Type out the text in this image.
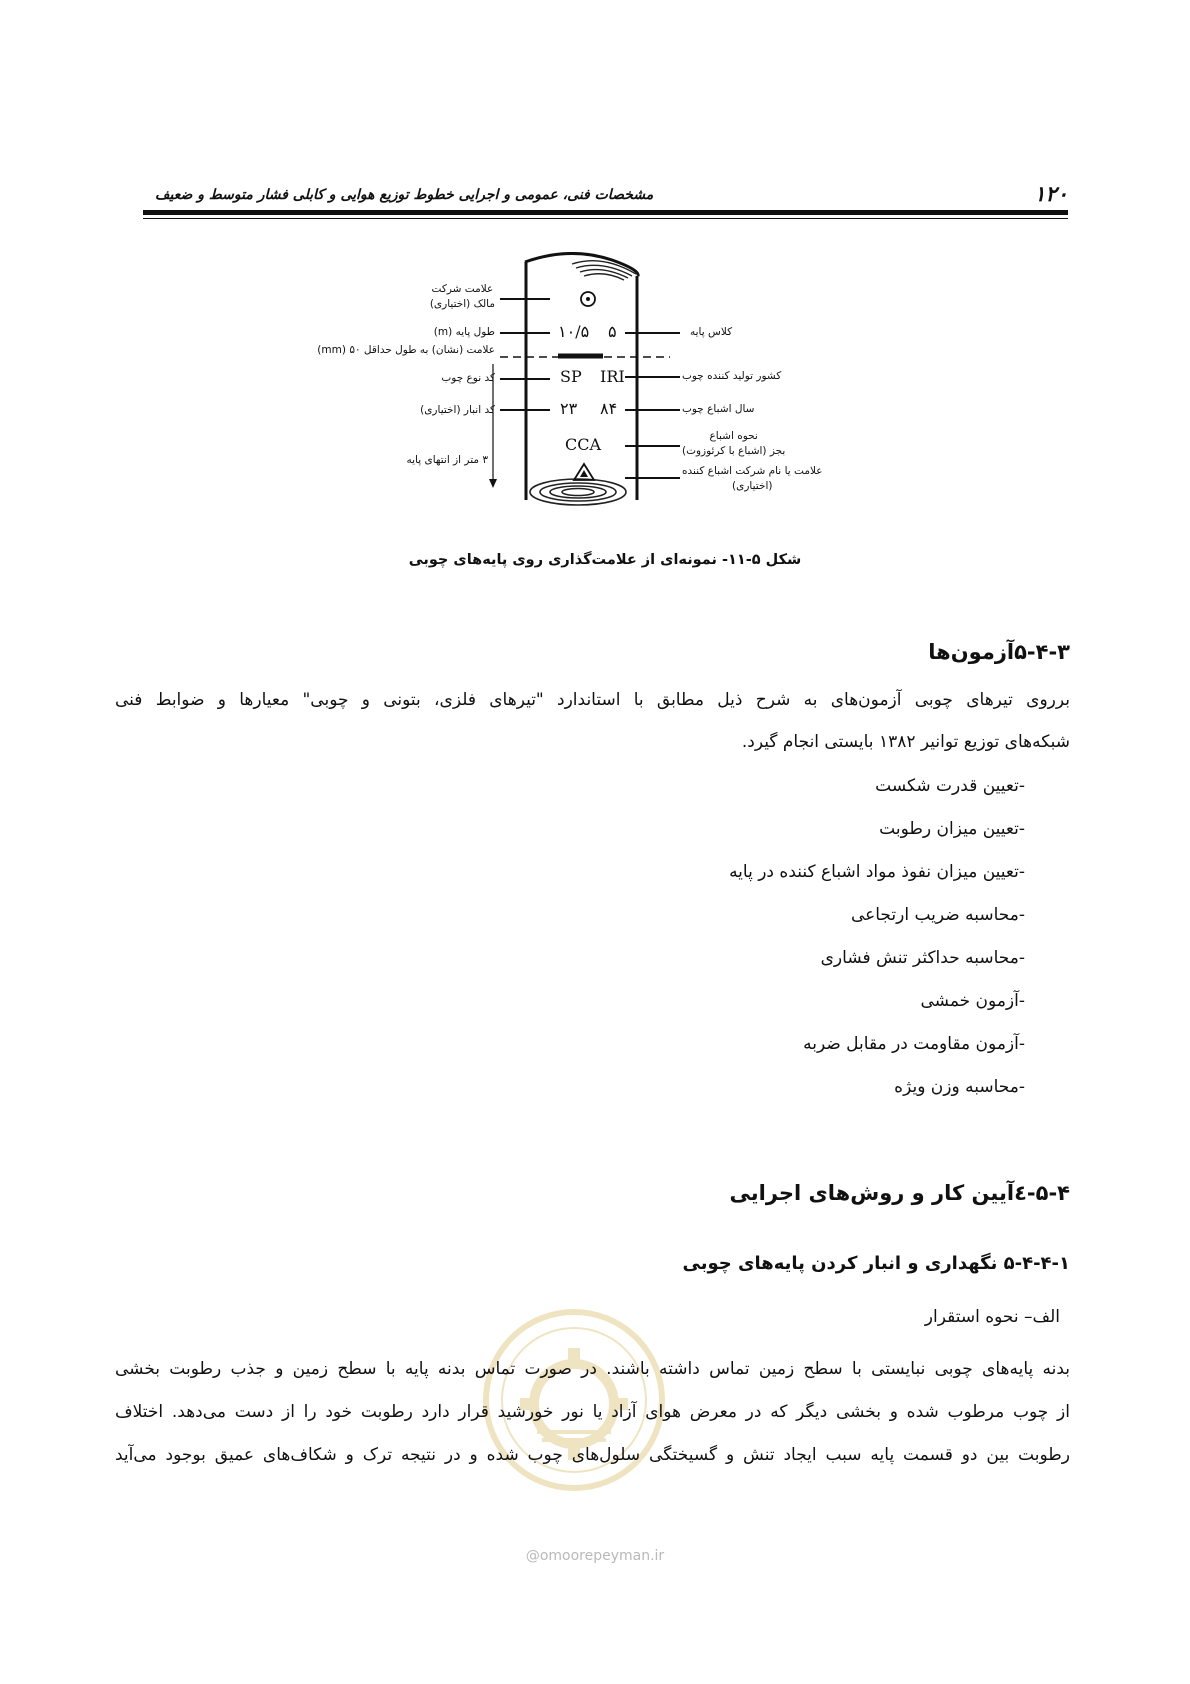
۱۲۰
مشخصات فنی، عمومی و اجرایی خطوط توزیع هوایی و کابلی فشار متوسط و ضعیف
۱۰/۵ ۵
SP IRI
۲۳ ۸۴
CCA
علامت شرکت
مالک (اختیاری)
طول پایه (m)
علامت (نشان) به طول حداقل ۵۰ (mm)
کد نوع چوب
کد انبار (اختیاری)
۳ متر از انتهای پایه
کلاس پایه
کشور تولید کننده چوب
سال اشباع چوب
نحوه اشباع
بجز (اشباع با کرئوزوت)
علامت یا نام شرکت اشباع کننده
(اختیاری)
شکل ۵-۱۱- نمونه‌ای از علامت‌گذاری روی پایه‌های چوبی
۵-۴-۳آزمون‌ها
برروی تیرهای چوبی آزمون‌های به شرح ذیل مطابق با استاندارد "تیرهای فلزی، بتونی و چوبی" معیارها و ضوابط فنی
شبکه‌های توزیع توانیر ۱۳۸۲ بایستی انجام گیرد.
-تعیین قدرت شکست
-تعیین میزان رطوبت
-تعیین میزان نفوذ مواد اشباع کننده در پایه
-محاسبه ضریب ارتجاعی
-محاسبه حداکثر تنش فشاری
-آزمون خمشی
-آزمون مقاومت در مقابل ضربه
-محاسبه وزن ویژه
۵-۴-٤آیین کار و روش‌های اجرایی
۵-۴-۴-۱ نگهداری و انبار کردن پایه‌های چوبی
الف– نحوه استقرار
بدنه پایه‌های چوبی نبایستی با سطح زمین تماس داشته باشند. در صورت تماس بدنه پایه با سطح زمین و جذب رطوبت بخشی
از چوب مرطوب شده و بخشی دیگر که در معرض هوای آزاد یا نور خورشید قرار دارد رطوبت خود را از دست می‌دهد. اختلاف
رطوبت بین دو قسمت پایه سبب ایجاد تنش و گسیختگی سلول‌های چوب شده و در نتیجه ترک و شکاف‌های عمیق بوجود می‌آید
@omoorepeyman.ir
